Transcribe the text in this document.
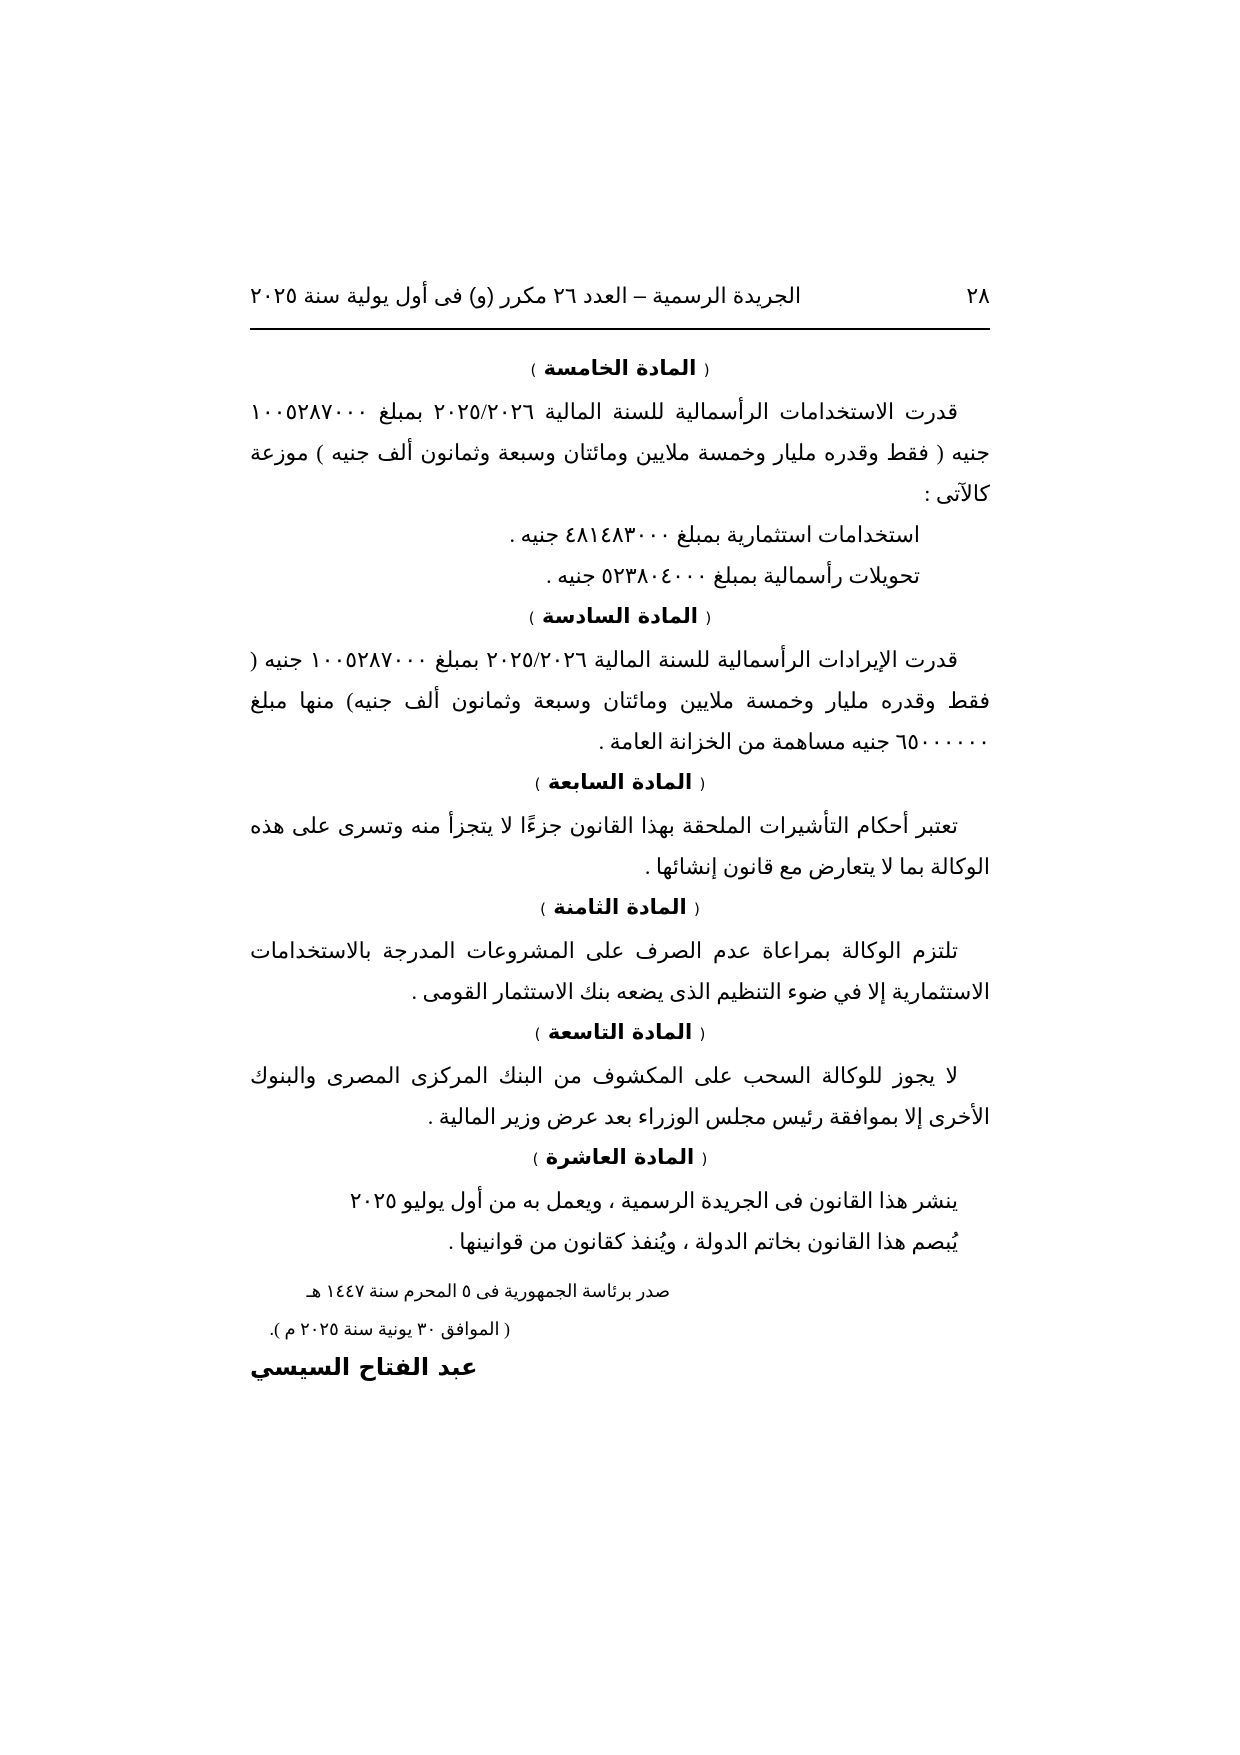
٢٨
الجريدة الرسمية – العدد ٢٦ مكرر (و) فى أول يولية سنة ٢٠٢٥
( المادة الخامسة )

قدرت الاستخدامات الرأسمالية للسنة المالية ٢٠٢٥/٢٠٢٦ بمبلغ ١٠٠٥٢٨٧٠٠٠ جنيه ( فقط وقدره مليار وخمسة ملايين ومائتان وسبعة وثمانون ألف جنيه ) موزعة كالآتى :

استخدامات استثمارية بمبلغ ٤٨١٤٨٣٠٠٠ جنيه .

تحويلات رأسمالية بمبلغ ٥٢٣٨٠٤٠٠٠ جنيه .

( المادة السادسة )

قدرت الإيرادات الرأسمالية للسنة المالية ٢٠٢٥/٢٠٢٦ بمبلغ ١٠٠٥٢٨٧٠٠٠ جنيه ( فقط وقدره مليار وخمسة ملايين ومائتان وسبعة وثمانون ألف جنيه) منها مبلغ ٦٥٠٠٠٠٠٠ جنيه مساهمة من الخزانة العامة .

( المادة السابعة )

تعتبر أحكام التأشيرات الملحقة بهذا القانون جزءًا لا يتجزأ منه وتسرى على هذه الوكالة بما لا يتعارض مع قانون إنشائها .

( المادة الثامنة )

تلتزم الوكالة بمراعاة عدم الصرف على المشروعات المدرجة بالاستخدامات الاستثمارية إلا في ضوء التنظيم الذى يضعه بنك الاستثمار القومى .

( المادة التاسعة )

لا يجوز للوكالة السحب على المكشوف من البنك المركزى المصرى والبنوك الأخرى إلا بموافقة رئيس مجلس الوزراء بعد عرض وزير المالية .

( المادة العاشرة )

ينشر هذا القانون فى الجريدة الرسمية ، ويعمل به من أول يوليو ٢٠٢٥

يُبصم هذا القانون بخاتم الدولة ، ويُنفذ كقانون من قوانينها .

صدر برئاسة الجمهورية فى ٥ المحرم سنة ١٤٤٧ هـ
( الموافق ٣٠ يونية سنة ٢٠٢٥ م ).
عبد الفتاح السيسي
